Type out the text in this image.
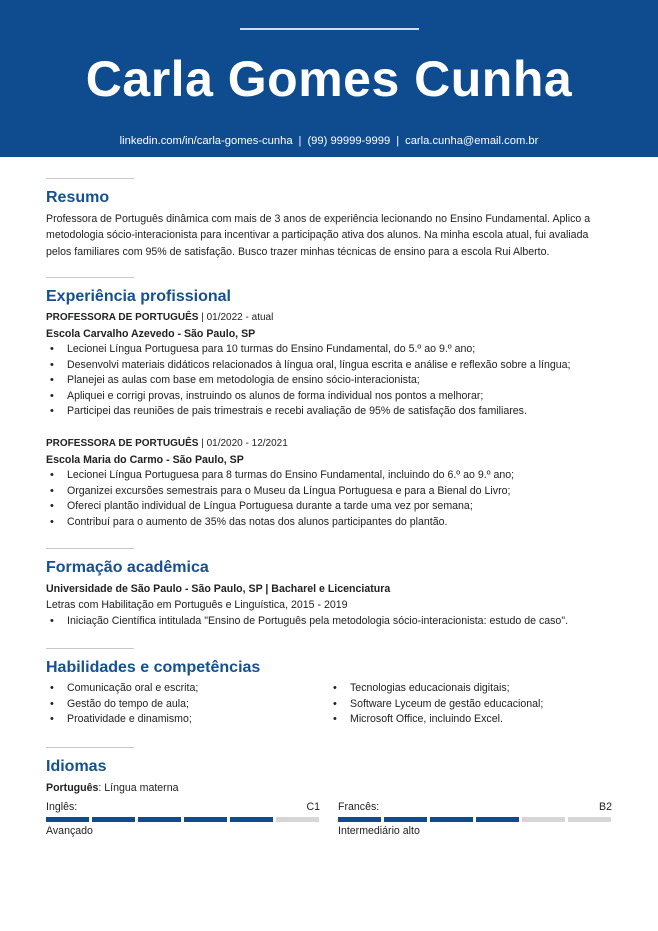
Carla Gomes Cunha
linkedin.com/in/carla-gomes-cunha | (99) 99999-9999 | carla.cunha@email.com.br
Resumo
Professora de Português dinâmica com mais de 3 anos de experiência lecionando no Ensino Fundamental. Aplico a metodologia sócio-interacionista para incentivar a participação ativa dos alunos. Na minha escola atual, fui avaliada pelos familiares com 95% de satisfação. Busco trazer minhas técnicas de ensino para a escola Rui Alberto.
Experiência profissional
PROFESSORA DE PORTUGUÊS | 01/2022 - atual
Escola Carvalho Azevedo - São Paulo, SP
• Lecionei Língua Portuguesa para 10 turmas do Ensino Fundamental, do 5.º ao 9.º ano;
• Desenvolvi materiais didáticos relacionados à língua oral, língua escrita e análise e reflexão sobre a língua;
• Planejei as aulas com base em metodologia de ensino sócio-interacionista;
• Apliquei e corrigi provas, instruindo os alunos de forma individual nos pontos a melhorar;
• Participei das reuniões de pais trimestrais e recebi avaliação de 95% de satisfação dos familiares.
PROFESSORA DE PORTUGUÊS | 01/2020 - 12/2021
Escola Maria do Carmo - São Paulo, SP
• Lecionei Língua Portuguesa para 8 turmas do Ensino Fundamental, incluindo do 6.º ao 9.º ano;
• Organizei excursões semestrais para o Museu da Língua Portuguesa e para a Bienal do Livro;
• Ofereci plantão individual de Língua Portuguesa durante a tarde uma vez por semana;
• Contribuí para o aumento de 35% das notas dos alunos participantes do plantão.
Formação acadêmica
Universidade de São Paulo - São Paulo, SP | Bacharel e Licenciatura
Letras com Habilitação em Português e Linguística, 2015 - 2019
• Iniciação Científica intitulada "Ensino de Português pela metodologia sócio-interacionista: estudo de caso".
Habilidades e competências
• Comunicação oral e escrita;
• Gestão do tempo de aula;
• Proatividade e dinamismo;
• Tecnologias educacionais digitais;
• Software Lyceum de gestão educacional;
• Microsoft Office, incluindo Excel.
Idiomas
Português: Língua materna
Inglês:	C1
Avançado
Francês:	B2
Intermediário alto
